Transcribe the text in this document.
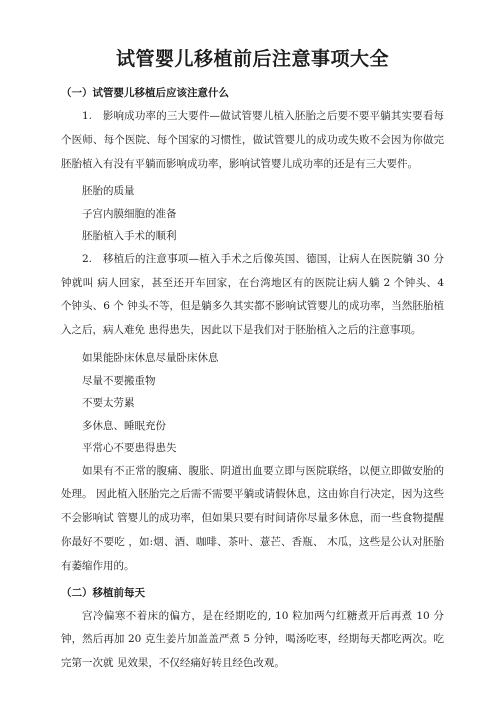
试管婴儿移植前后注意事项大全
（一）试管婴儿移植后应该注意什么

1.　影响成功率的三大要件—做试管婴儿植入胚胎之后要不要平躺其实要看每个医师、每个医院、每个国家的习惯性，做试管婴儿的成功或失败不会因为你做完胚胎植入有没有平躺而影响成功率，影响试管婴儿成功率的还是有三大要件。

胚胎的质量

子宫内膜细胞的准备

胚胎植入手术的顺利

2.　移植后的注意事项—植入手术之后像英国、德国，让病人在医院躺 30 分钟就叫 病人回家，甚至还开车回家，在台湾地区有的医院让病人躺 2 个钟头、4 个钟头、6 个 钟头不等，但是躺多久其实都不影响试管婴儿的成功率，当然胚胎植入之后，病人难免 患得患失，因此以下是我们对于胚胎植入之后的注意事项。

如果能卧床休息尽量卧床休息

尽量不要搬重物

不要太劳累

多休息、睡眠充份

平常心不要患得患失

如果有不正常的腹痛、腹胀、阴道出血要立即与医院联络，以便立即做安胎的处理。 因此植入胚胎完之后需不需要平躺或请假休息，这由妳自行决定，因为这些不会影响试 管婴儿的成功率，但如果只要有时间请你尽量多休息，而一些食物提醒你最好不要吃 ，如:烟、酒、咖啡、茶叶、薏芒、香瓶、 木瓜，这些是公认对胚胎有萎缩作用的。

（二）移植前每天

宫冷偏寒不着床的偏方，是在经期吃的, 10 粒加两勺红糖煮开后再煮 10 分钟，然后再加 20 克生姜片加盖盖严煮 5 分钟，喝汤吃枣，经期每天都吃两次。吃完第一次就 见效果，不仅经痛好转且经色改观。
